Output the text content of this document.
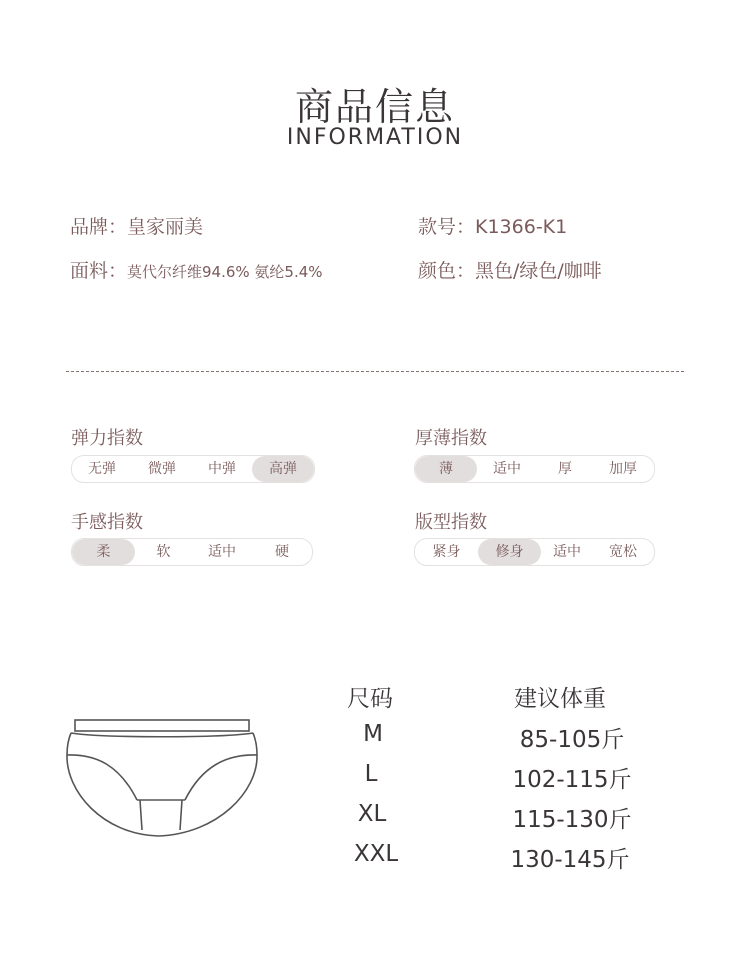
商品信息
INFORMATION
品牌：皇家丽美	款号：K1366-K1
面料：莫代尔纤维94.6% 氨纶5.4%	颜色：黑色/绿色/咖啡
弹力指数
无弹	微弹	中弹	高弹
厚薄指数
薄	适中	厚	加厚
手感指数
柔	软	适中	硬
版型指数
紧身	修身	适中	宽松
尺码	建议体重
M	85-105斤
L	102-115斤
XL	115-130斤
XXL	130-145斤
